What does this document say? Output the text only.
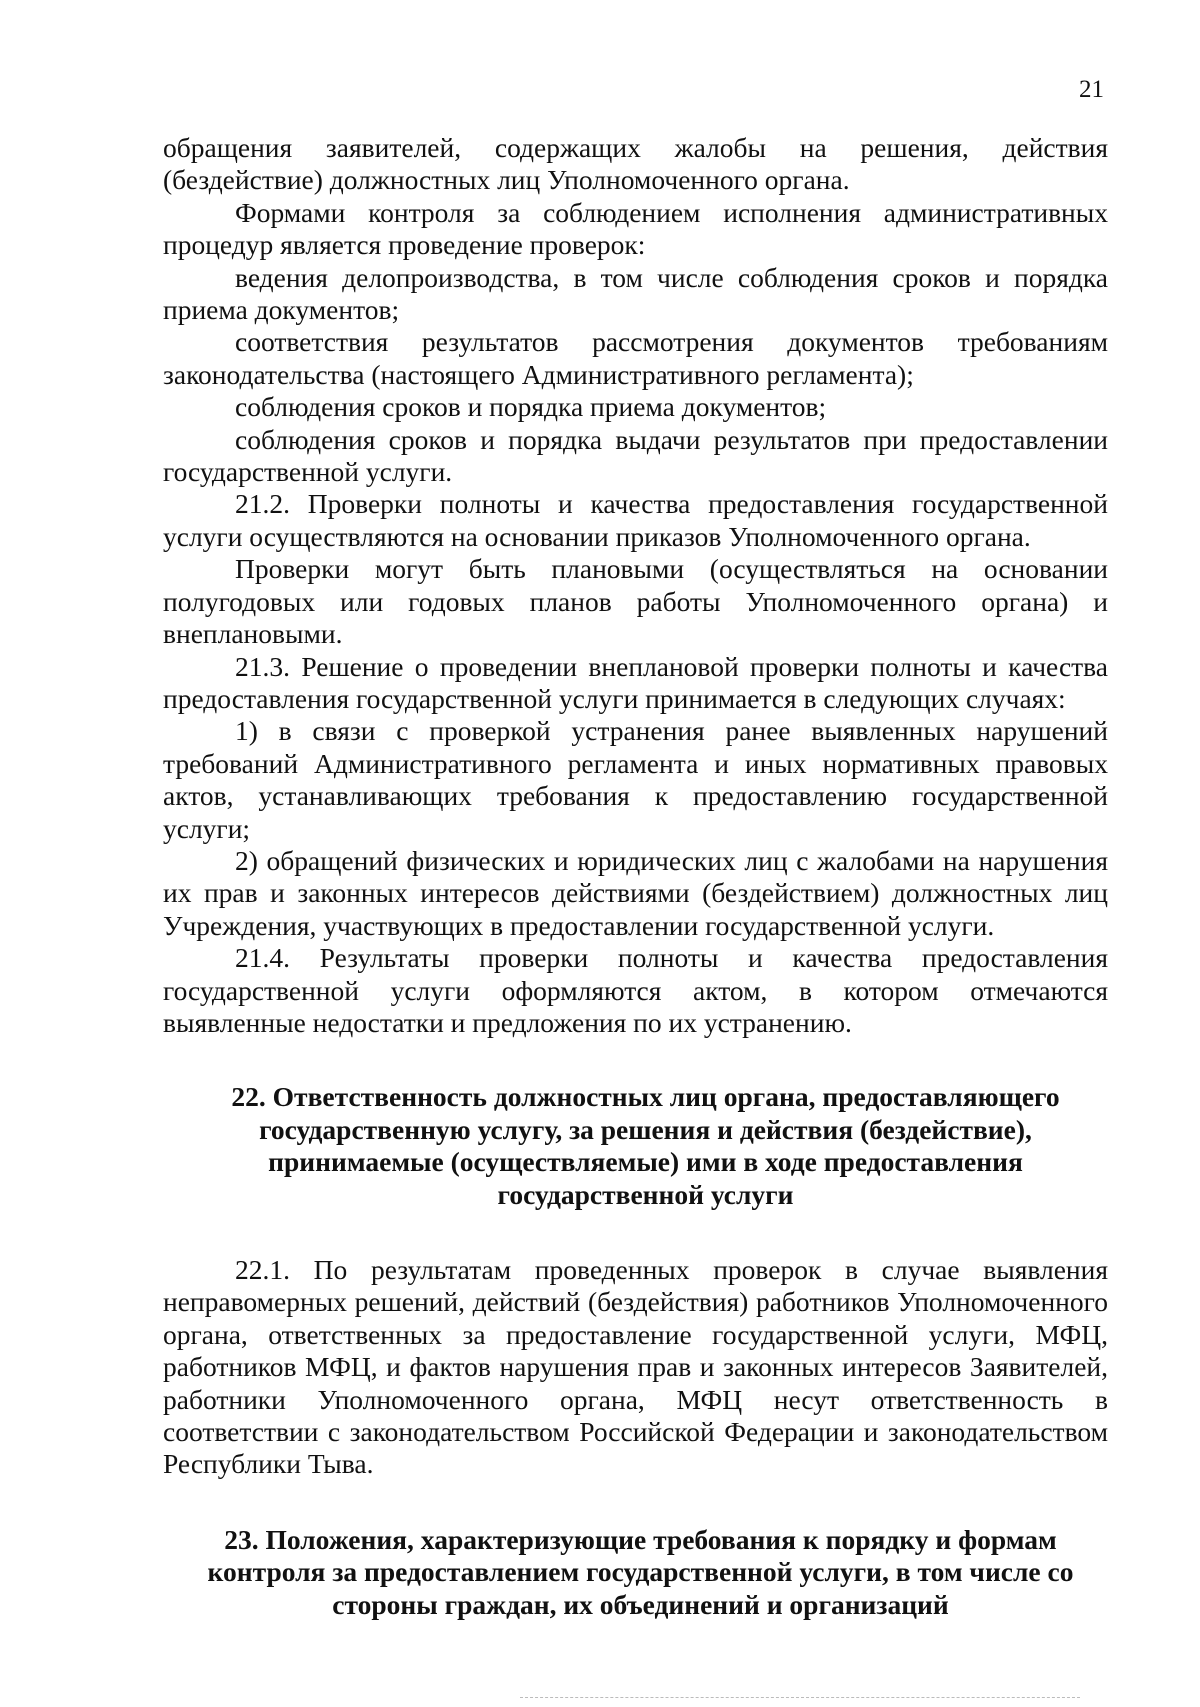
21

обращения заявителей, содержащих жалобы на решения, действия (бездействие) должностных лиц Уполномоченного органа.

Формами контроля за соблюдением исполнения административных процедур является проведение проверок:

ведения делопроизводства, в том числе соблюдения сроков и порядка приема документов;

соответствия результатов рассмотрения документов требованиям законодательства (настоящего Административного регламента);

соблюдения сроков и порядка приема документов;

соблюдения сроков и порядка выдачи результатов при предоставлении государственной услуги.

21.2. Проверки полноты и качества предоставления государственной услуги осуществляются на основании приказов Уполномоченного органа.

Проверки могут быть плановыми (осуществляться на основании полугодовых или годовых планов работы Уполномоченного органа) и внеплановыми.

21.3. Решение о проведении внеплановой проверки полноты и качества предоставления государственной услуги принимается в следующих случаях:

1) в связи с проверкой устранения ранее выявленных нарушений требований Административного регламента и иных нормативных правовых актов, устанавливающих требования к предоставлению государственной услуги;

2) обращений физических и юридических лиц с жалобами на нарушения их прав и законных интересов действиями (бездействием) должностных лиц Учреждения, участвующих в предоставлении государственной услуги.

21.4. Результаты проверки полноты и качества предоставления государственной услуги оформляются актом, в котором отмечаются выявленные недостатки и предложения по их устранению.

22. Ответственность должностных лиц органа, предоставляющего государственную услугу, за решения и действия (бездействие), принимаемые (осуществляемые) ими в ходе предоставления государственной услуги

22.1. По результатам проведенных проверок в случае выявления неправомерных решений, действий (бездействия) работников Уполномоченного органа, ответственных за предоставление государственной услуги, МФЦ, работников МФЦ, и фактов нарушения прав и законных интересов Заявителей, работники Уполномоченного органа, МФЦ несут ответственность в соответствии с законодательством Российской Федерации и законодательством Республики Тыва.

23. Положения, характеризующие требования к порядку и формам контроля за предоставлением государственной услуги, в том числе со стороны граждан, их объединений и организаций
